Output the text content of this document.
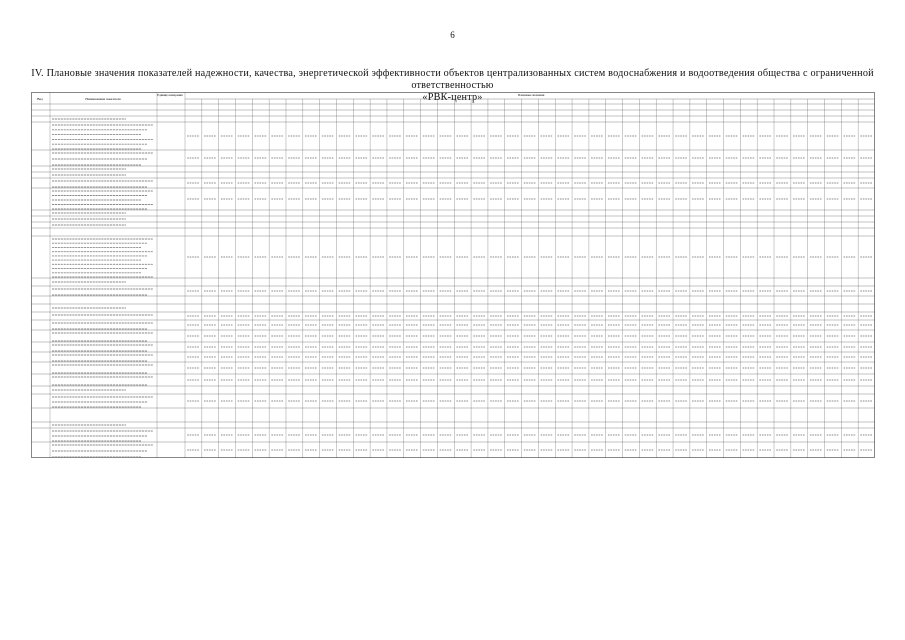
6
IV. Плановые значения показателей надежности, качества, энергетической эффективности объектов централизованных систем водоснабжения и водоотведения общества с ограниченной ответственностью
«РВК-центр»
Вид	Наименование показателя
Единица измерения	Плановые значения
